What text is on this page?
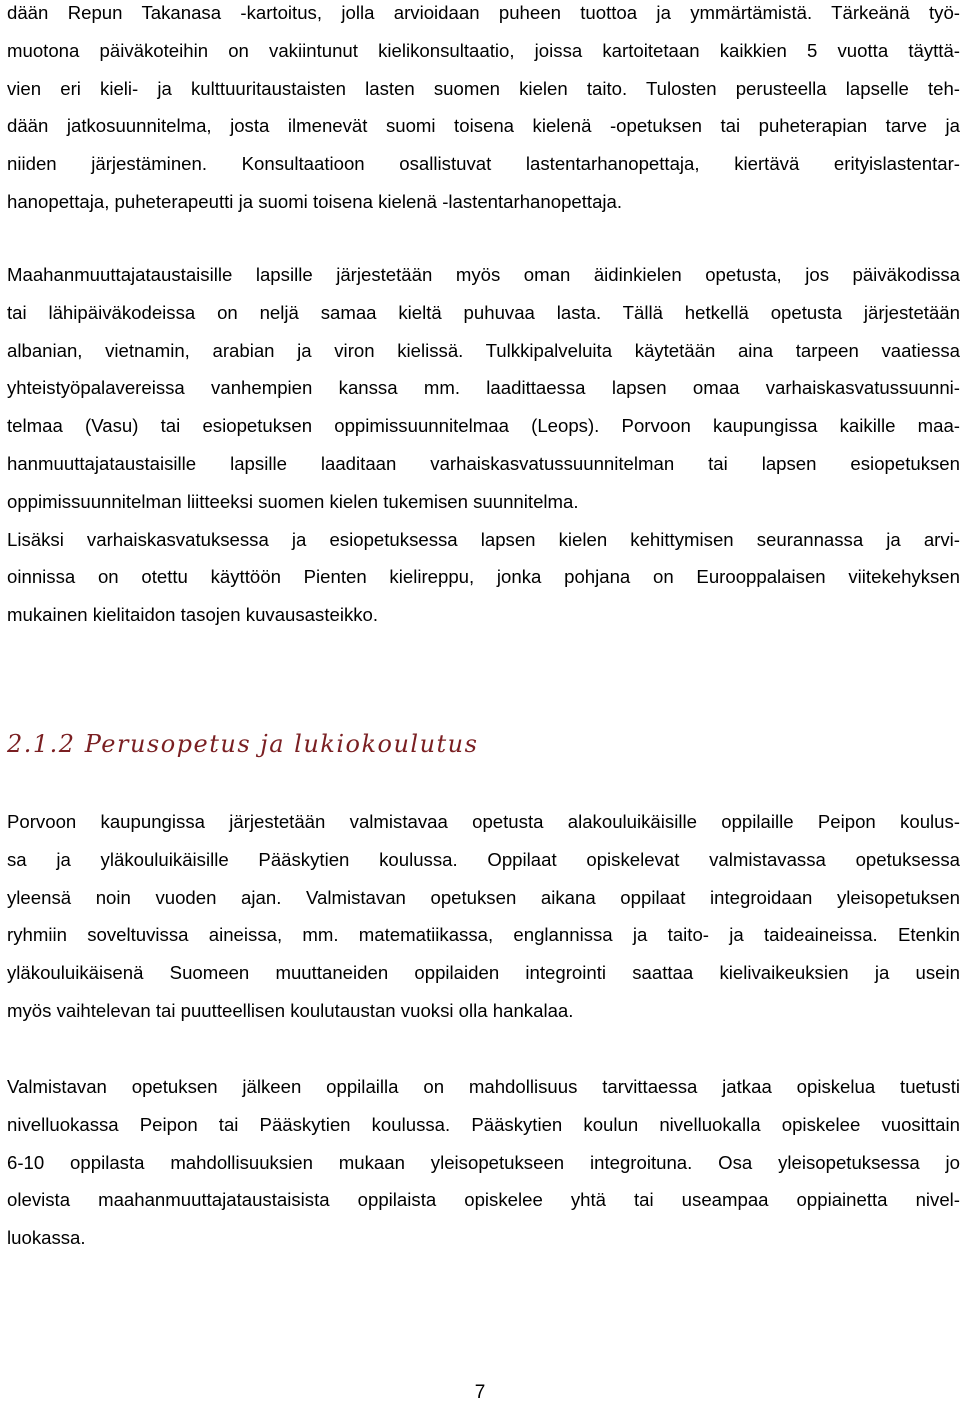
dään Repun Takanasa -kartoitus, jolla arvioidaan puheen tuottoa ja ymmärtämistä. Tärkeänä työ-
muotona päiväkoteihin on vakiintunut kielikonsultaatio, joissa kartoitetaan kaikkien 5 vuotta täyttä-
vien eri kieli- ja kulttuuritaustaisten lasten suomen kielen taito. Tulosten perusteella lapselle teh-
dään jatkosuunnitelma, josta ilmenevät suomi toisena kielenä -opetuksen tai puheterapian tarve ja
niiden järjestäminen. Konsultaatioon osallistuvat lastentarhanopettaja, kiertävä erityislastentar-
hanopettaja, puheterapeutti ja suomi toisena kielenä -lastentarhanopettaja.
Maahanmuuttajataustaisille lapsille järjestetään myös oman äidinkielen opetusta, jos päiväkodissa
tai lähipäiväkodeissa on neljä samaa kieltä puhuvaa lasta. Tällä hetkellä opetusta järjestetään
albanian, vietnamin, arabian ja viron kielissä. Tulkkipalveluita käytetään aina tarpeen vaatiessa
yhteistyöpalavereissa vanhempien kanssa mm. laadittaessa lapsen omaa varhaiskasvatussuunni-
telmaa (Vasu) tai esiopetuksen oppimissuunnitelmaa (Leops). Porvoon kaupungissa kaikille maa-
hanmuuttajataustaisille lapsille laaditaan varhaiskasvatussuunnitelman tai lapsen esiopetuksen
oppimissuunnitelman liitteeksi suomen kielen tukemisen suunnitelma.
Lisäksi varhaiskasvatuksessa ja esiopetuksessa lapsen kielen kehittymisen seurannassa ja arvi-
oinnissa on otettu käyttöön Pienten kielireppu, jonka pohjana on Eurooppalaisen viitekehyksen
mukainen kielitaidon tasojen kuvausasteikko.
2.1.2 Perusopetus ja lukiokoulutus
Porvoon kaupungissa järjestetään valmistavaa opetusta alakouluikäisille oppilaille Peipon koulus-
sa ja yläkouluikäisille Pääskytien koulussa. Oppilaat opiskelevat valmistavassa opetuksessa
yleensä noin vuoden ajan. Valmistavan opetuksen aikana oppilaat integroidaan yleisopetuksen
ryhmiin soveltuvissa aineissa, mm. matematiikassa, englannissa ja taito- ja taideaineissa. Etenkin
yläkouluikäisenä Suomeen muuttaneiden oppilaiden integrointi saattaa kielivaikeuksien ja usein
myös vaihtelevan tai puutteellisen koulutaustan vuoksi olla hankalaa.
Valmistavan opetuksen jälkeen oppilailla on mahdollisuus tarvittaessa jatkaa opiskelua tuetusti
nivelluokassa Peipon tai Pääskytien koulussa. Pääskytien koulun nivelluokalla opiskelee vuosittain
6-10 oppilasta mahdollisuuksien mukaan yleisopetukseen integroituna. Osa yleisopetuksessa jo
olevista maahanmuuttajataustaisista oppilaista opiskelee yhtä tai useampaa oppiainetta nivel-
luokassa.
7
